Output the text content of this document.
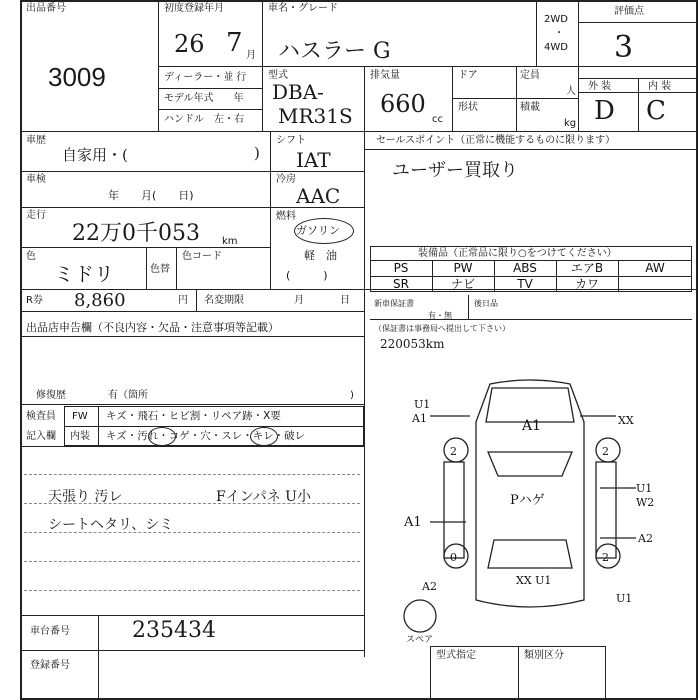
出品番号
3009
初度登録年月
26 7 月
車名・グレード
ハスラー G
2WD
・
4WD
評価点
3
ディーラー・並 行
モデル年式　　年
ハンドル　左・右
型式
DBA-
MR31S
排気量
660
cc
ドア	定員
人
形状	積載
kg
外 装	内 装
D C
車歴
自家用・(	)
シフト
IAT
車検
年　　月(　　日)
冷房
AAC
走行
22万0千053 km
燃料
ガソリン
軽　油
(　　　)
色
ミドリ	色替
色コード
セールスポイント（正常に機能するものに限ります）
ユーザー買取り
装備品（正常品に限り○をつけてください）
PS	PW	ABS	エアB	AW
SR	ナビ	TV	カワ
R券 8,860	円 名変期限	月	日	新車保証書
有・無
後日品
（保証書は事務局へ提出して下さい）
220053km
出品店申告欄（不良内容・欠品・注意事項等記載）
修復歴	有（箇所	)
検査員
記入欄
FW キズ・飛石・ヒビ割・リペア跡・X要
内装 キズ・汚れ・コゲ・穴・スレ・キレ・破レ
天張り 汚レ	Fインパネ U小
シートヘタリ、シミ
U1
A1	A1	XX
2	2
U1
W2
Pハゲ
A1
A2
0	2
XX U1
A2
U1
スペア
車台番号	235434
登録番号
型式指定	類別区分
